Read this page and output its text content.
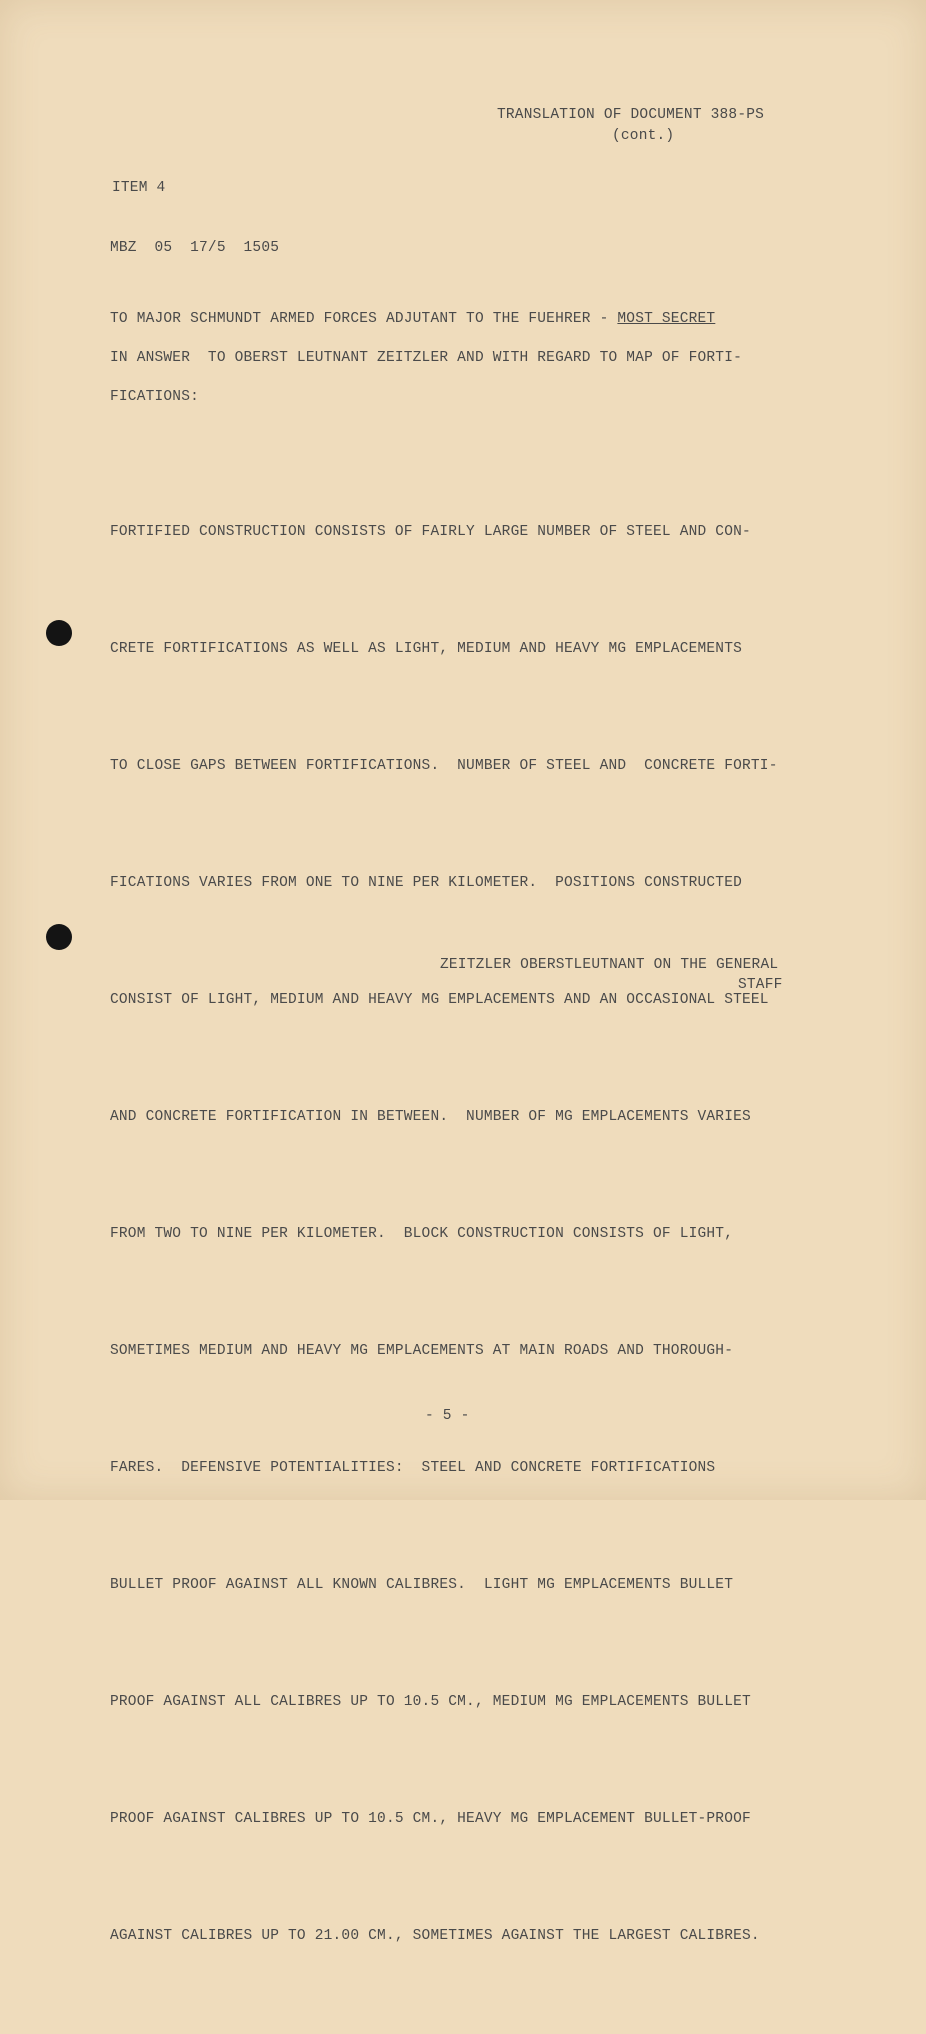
TRANSLATION OF DOCUMENT 388-PS
(cont.)
ITEM 4
MBZ  05  17/5  1505
TO MAJOR SCHMUNDT ARMED FORCES ADJUTANT TO THE FUEHRER - MOST SECRET
IN ANSWER  TO OBERST LEUTNANT ZEITZLER AND WITH REGARD TO MAP OF FORTI-
FICATIONS:

FORTIFIED CONSTRUCTION CONSISTS OF FAIRLY LARGE NUMBER OF STEEL AND CON-

CRETE FORTIFICATIONS AS WELL AS LIGHT, MEDIUM AND HEAVY MG EMPLACEMENTS

TO CLOSE GAPS BETWEEN FORTIFICATIONS.  NUMBER OF STEEL AND  CONCRETE FORTI-

FICATIONS VARIES FROM ONE TO NINE PER KILOMETER.  POSITIONS CONSTRUCTED

CONSIST OF LIGHT, MEDIUM AND HEAVY MG EMPLACEMENTS AND AN OCCASIONAL STEEL

AND CONCRETE FORTIFICATION IN BETWEEN.  NUMBER OF MG EMPLACEMENTS VARIES

FROM TWO TO NINE PER KILOMETER.  BLOCK CONSTRUCTION CONSISTS OF LIGHT,

SOMETIMES MEDIUM AND HEAVY MG EMPLACEMENTS AT MAIN ROADS AND THOROUGH-

FARES.  DEFENSIVE POTENTIALITIES:  STEEL AND CONCRETE FORTIFICATIONS

BULLET PROOF AGAINST ALL KNOWN CALIBRES.  LIGHT MG EMPLACEMENTS BULLET

PROOF AGAINST ALL CALIBRES UP TO 10.5 CM., MEDIUM MG EMPLACEMENTS BULLET

PROOF AGAINST CALIBRES UP TO 10.5 CM., HEAVY MG EMPLACEMENT BULLET-PROOF

AGAINST CALIBRES UP TO 21.00 CM., SOMETIMES AGAINST THE LARGEST CALIBRES.

ZEITZLER OBERSTLEUTNANT ON THE GENERAL
STAFF
- 5 -
